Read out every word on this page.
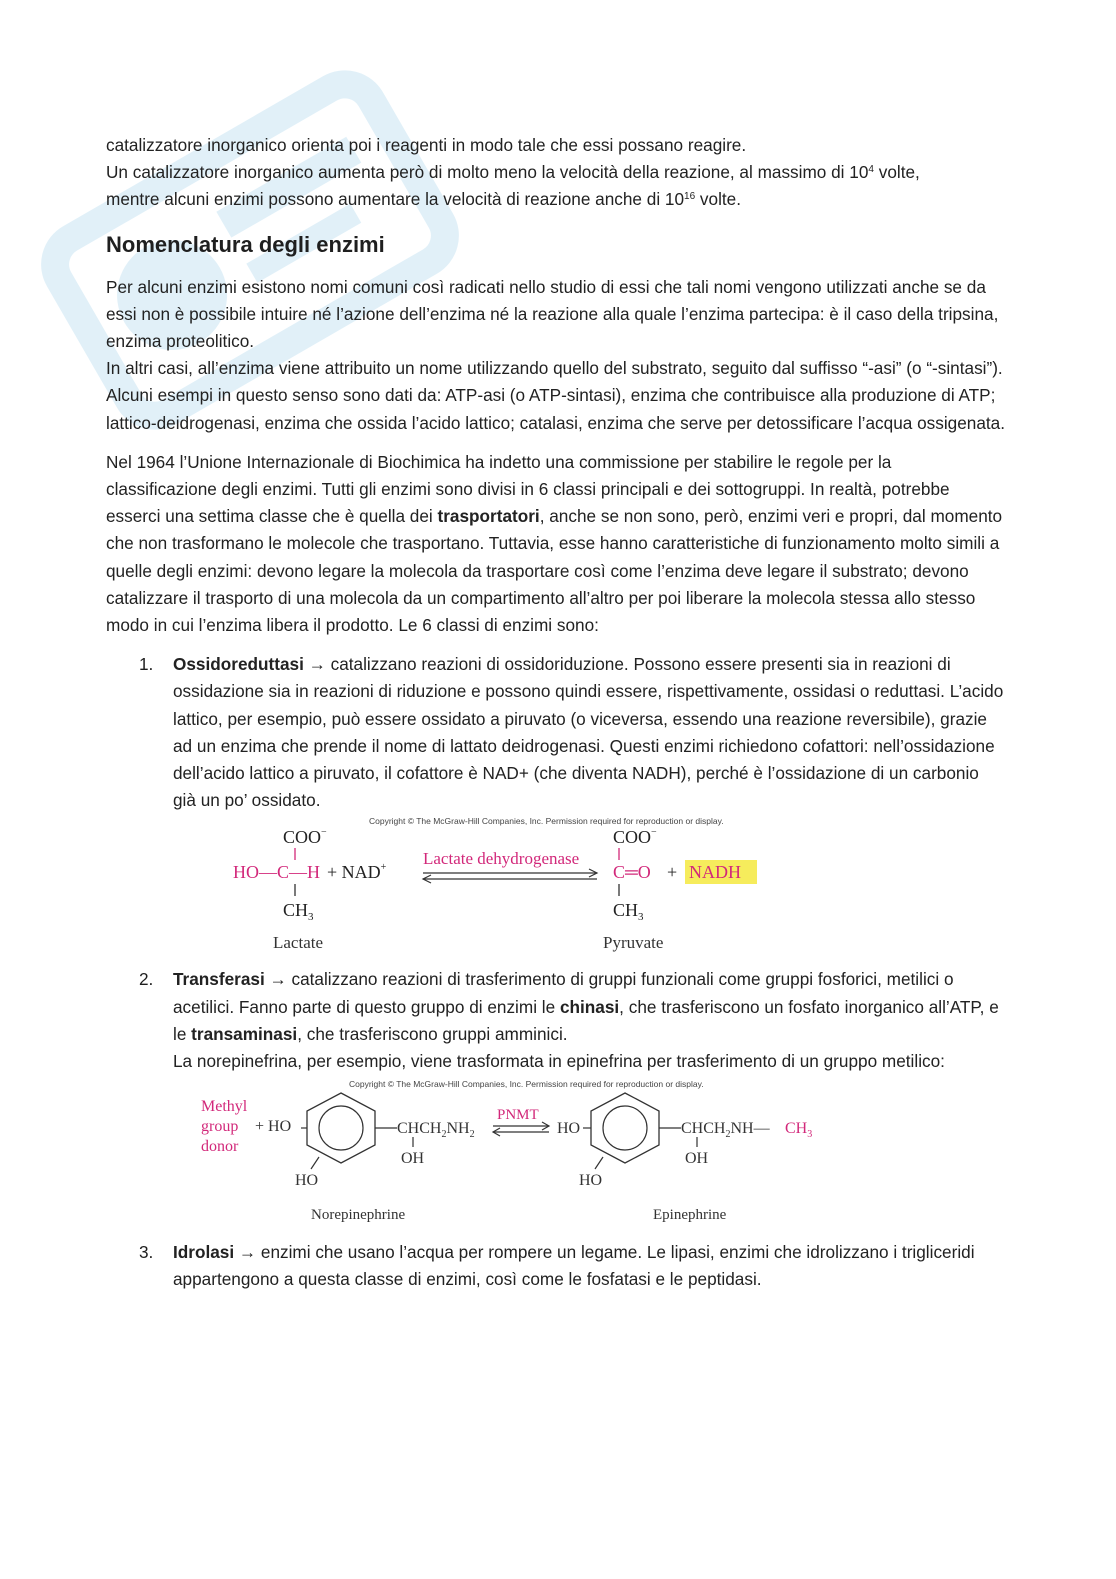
catalizzatore inorganico orienta poi i reagenti in modo tale che essi possano reagire.

Un catalizzatore inorganico aumenta però di molto meno la velocità della reazione, al massimo di $10^4$ volte,

mentre alcuni enzimi possono aumentare la velocità di reazione anche di $10^{16}$ volte.

Nomenclatura degli enzimi

Per alcuni enzimi esistono nomi comuni così radicati nello studio di essi che tali nomi vengono utilizzati anche se da essi non è possibile intuire né l’azione dell’enzima né la reazione alla quale l’enzima partecipa: è il caso della tripsina, enzima proteolitico.

In altri casi, all’enzima viene attribuito un nome utilizzando quello del substrato, seguito dal suffisso “-asi” (o “-sintasi”). Alcuni esempi in questo senso sono dati da: ATP-asi (o ATP-sintasi), enzima che contribuisce alla produzione di ATP; lattico-deidrogenasi, enzima che ossida l’acido lattico; catalasi, enzima che serve per detossificare l’acqua ossigenata.

Nel 1964 l’Unione Internazionale di Biochimica ha indetto una commissione per stabilire le regole per la classificazione degli enzimi. Tutti gli enzimi sono divisi in 6 classi principali e dei sottogruppi. In realtà, potrebbe esserci una settima classe che è quella dei trasportatori, anche se non sono, però, enzimi veri e propri, dal momento che non trasformano le molecole che trasportano. Tuttavia, esse hanno caratteristiche di funzionamento molto simili a quelle degli enzimi: devono legare la molecola da trasportare così come l’enzima deve legare il substrato; devono catalizzare il trasporto di una molecola da un compartimento all’altro per poi liberare la molecola stessa allo stesso modo in cui l’enzima libera il prodotto. Le 6 classi di enzimi sono:

1. Ossidoreduttasi → catalizzano reazioni di ossidoriduzione. Possono essere presenti sia in reazioni di ossidazione sia in reazioni di riduzione e possono quindi essere, rispettivamente, ossidasi o reduttasi. L’acido lattico, per esempio, può essere ossidato a piruvato (o viceversa, essendo una reazione reversibile), grazie ad un enzima che prende il nome di lattato deidrogenasi. Questi enzimi richiedono cofattori: nell’ossidazione dell’acido lattico a piruvato, il cofattore è NAD+ (che diventa NADH), perché è l’ossidazione di un carbonio già un po’ ossidato.

Copyright © The McGraw-Hill Companies, Inc. Permission required for reproduction or display.
COO−
HO—C—H + NAD+
$CH_3$
Lactate
Lactate dehydrogenase
COO−
C═O + NADH
$CH_3$
Pyruvate
2. Transferasi → catalizzano reazioni di trasferimento di gruppi funzionali come gruppi fosforici, metilici o acetilici. Fanno parte di questo gruppo di enzimi le chinasi, che trasferiscono un fosfato inorganico all’ATP, e le transaminasi, che trasferiscono gruppi amminici.

La norepinefrina, per esempio, viene trasformata in epinefrina per trasferimento di un gruppo metilico:

Copyright © The McGraw-Hill Companies, Inc. Permission required for reproduction or display.
Methyl
group
donor
+ HO
HO
$CHCH_2NH_2$
OH
Norepinephrine
PNMT
HO
HO
$CHCH_2NH—$ $CH_3$
OH
Epinephrine
3. Idrolasi → enzimi che usano l’acqua per rompere un legame. Le lipasi, enzimi che idrolizzano i trigliceridi appartengono a questa classe di enzimi, così come le fosfatasi e le peptidasi.
